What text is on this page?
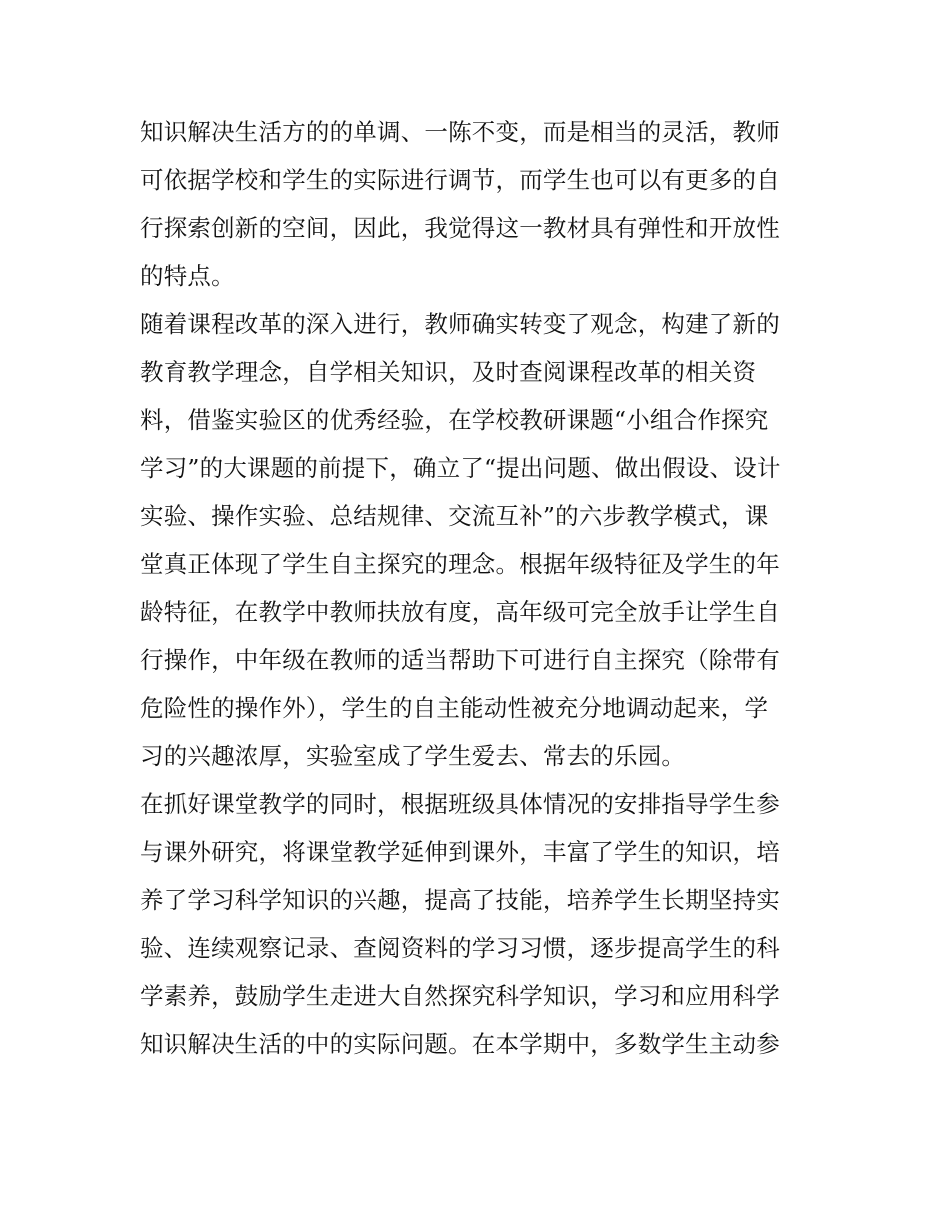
知识解决生活方的的单调、一陈不变，而是相当的灵活，教师
可依据学校和学生的实际进行调节，而学生也可以有更多的自
行探索创新的空间，因此，我觉得这一教材具有弹性和开放性
的特点。
随着课程改革的深入进行，教师确实转变了观念，构建了新的
教育教学理念，自学相关知识，及时查阅课程改革的相关资
料，借鉴实验区的优秀经验，在学校教研课题“小组合作探究
学习”的大课题的前提下，确立了“提出问题、做出假设、设计
实验、操作实验、总结规律、交流互补”的六步教学模式，课
堂真正体现了学生自主探究的理念。根据年级特征及学生的年
龄特征，在教学中教师扶放有度，高年级可完全放手让学生自
行操作，中年级在教师的适当帮助下可进行自主探究（除带有
危险性的操作外），学生的自主能动性被充分地调动起来，学
习的兴趣浓厚，实验室成了学生爱去、常去的乐园。
在抓好课堂教学的同时，根据班级具体情况的安排指导学生参
与课外研究，将课堂教学延伸到课外，丰富了学生的知识，培
养了学习科学知识的兴趣，提高了技能，培养学生长期坚持实
验、连续观察记录、查阅资料的学习习惯，逐步提高学生的科
学素养，鼓励学生走进大自然探究科学知识，学习和应用科学
知识解决生活的中的实际问题。在本学期中，多数学生主动参
